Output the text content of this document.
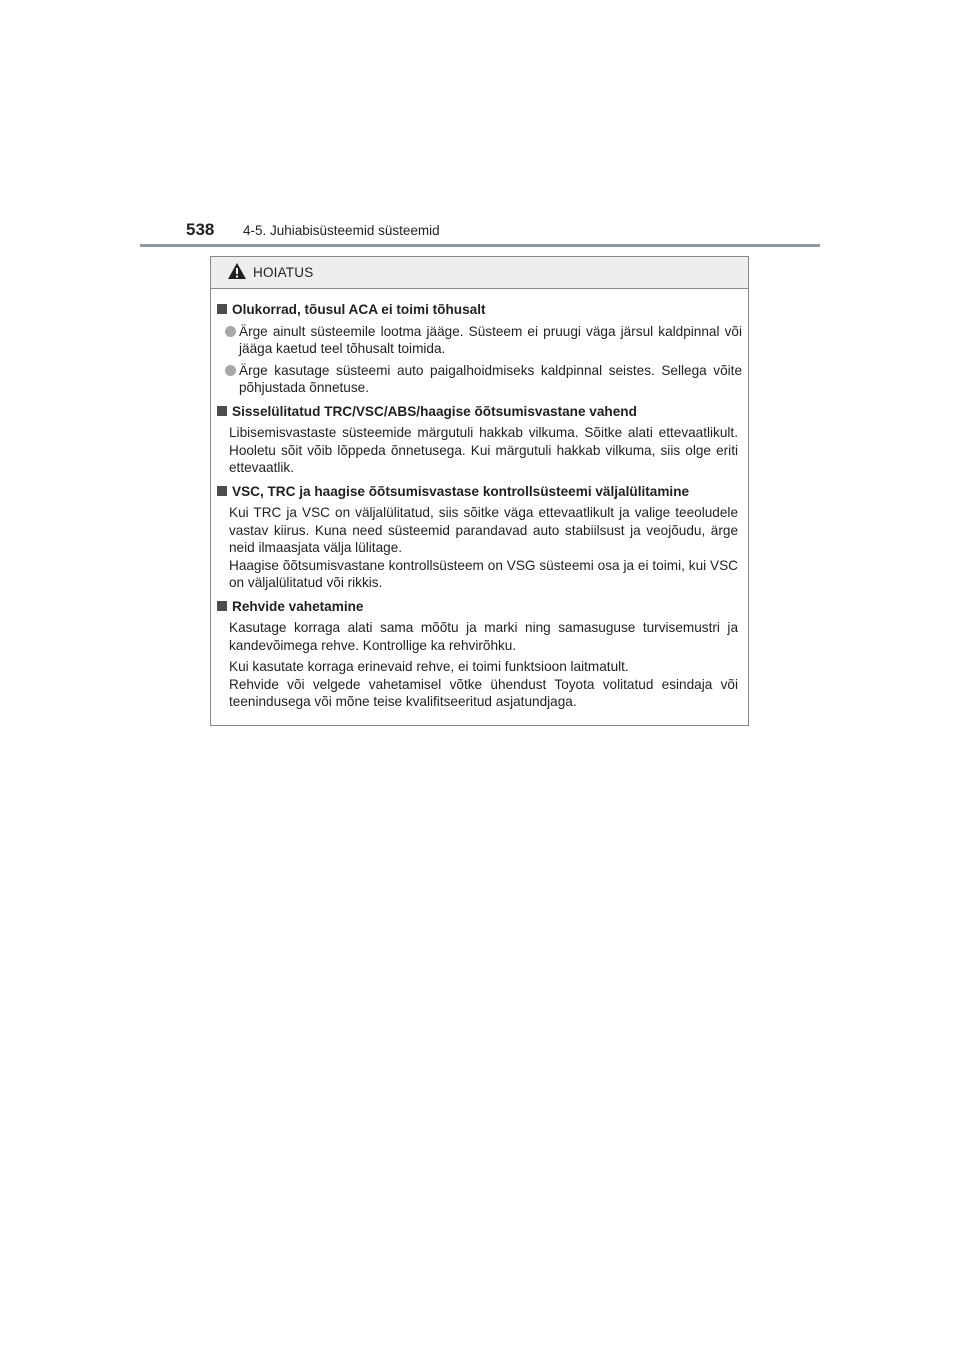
538 4-5. Juhiabisüsteemid süsteemid
HOIATUS
Olukorrad, tõusul ACA ei toimi tõhusalt
Ärge ainult süsteemile lootma jääge. Süsteem ei pruugi väga järsul kaldpinnal või jääga kaetud teel tõhusalt toimida.
Ärge kasutage süsteemi auto paigalhoidmiseks kaldpinnal seistes. Sellega võite põhjustada õnnetuse.
Sisselülitatud TRC/VSC/ABS/haagise õõtsumisvastane vahend
Libisemisvastaste süsteemide märgutuli hakkab vilkuma. Sõitke alati ettevaatlikult. Hooletu sõit võib lõppeda õnnetusega. Kui märgutuli hakkab vilkuma, siis olge eriti ettevaatlik.
VSC, TRC ja haagise õõtsumisvastase kontrollsüsteemi väljalülitamine
Kui TRC ja VSC on väljalülitatud, siis sõitke väga ettevaatlikult ja valige teeoludele vastav kiirus. Kuna need süsteemid parandavad auto stabiilsust ja veojõudu, ärge neid ilmaasjata välja lülitage.
Haagise õõtsumisvastane kontrollsüsteem on VSG süsteemi osa ja ei toimi, kui VSC on väljalülitatud või rikkis.
Rehvide vahetamine
Kasutage korraga alati sama mõõtu ja marki ning samasuguse turvisemustri ja kandevõimega rehve. Kontrollige ka rehvirõhku.
Kui kasutate korraga erinevaid rehve, ei toimi funktsioon laitmatult.
Rehvide või velgede vahetamisel võtke ühendust Toyota volitatud esindaja või teenindusega või mõne teise kvalifitseeritud asjatundjaga.
